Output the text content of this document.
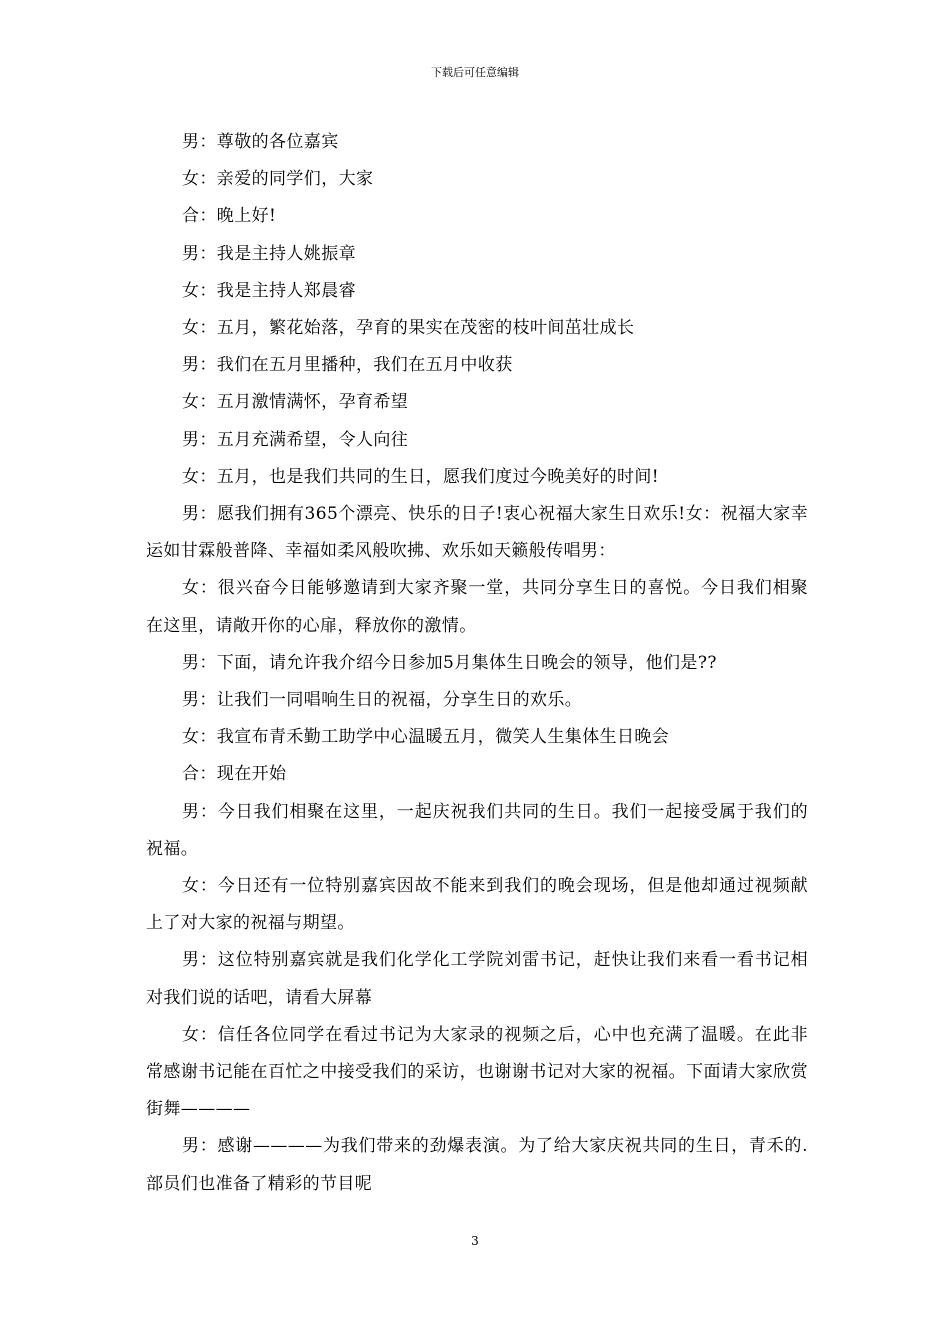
下载后可任意编辑

男：尊敬的各位嘉宾

女：亲爱的同学们，大家

合：晚上好!

男：我是主持人姚振章

女：我是主持人郑晨睿

女：五月，繁花始落，孕育的果实在茂密的枝叶间茁壮成长

男：我们在五月里播种，我们在五月中收获

女：五月激情满怀，孕育希望

男：五月充满希望，令人向往

女：五月，也是我们共同的生日，愿我们度过今晚美好的时间!

男：愿我们拥有365个漂亮、快乐的日子!衷心祝福大家生日欢乐!女：祝福大家幸运如甘霖般普降、幸福如柔风般吹拂、欢乐如天籁般传唱男：

女：很兴奋今日能够邀请到大家齐聚一堂，共同分享生日的喜悦。今日我们相聚在这里，请敞开你的心扉，释放你的激情。

男：下面，请允许我介绍今日参加5月集体生日晚会的领导，他们是??

男：让我们一同唱响生日的祝福，分享生日的欢乐。

女：我宣布青禾勤工助学中心温暖五月，微笑人生集体生日晚会

合：现在开始

男：今日我们相聚在这里，一起庆祝我们共同的生日。我们一起接受属于我们的祝福。

女：今日还有一位特别嘉宾因故不能来到我们的晚会现场，但是他却通过视频献上了对大家的祝福与期望。

男：这位特别嘉宾就是我们化学化工学院刘雷书记，赶快让我们来看一看书记相对我们说的话吧，请看大屏幕

女：信任各位同学在看过书记为大家录的视频之后，心中也充满了温暖。在此非常感谢书记能在百忙之中接受我们的采访，也谢谢书记对大家的祝福。下面请大家欣赏街舞————

男：感谢————为我们带来的劲爆表演。为了给大家庆祝共同的生日，青禾的.部员们也准备了精彩的节目呢

3
